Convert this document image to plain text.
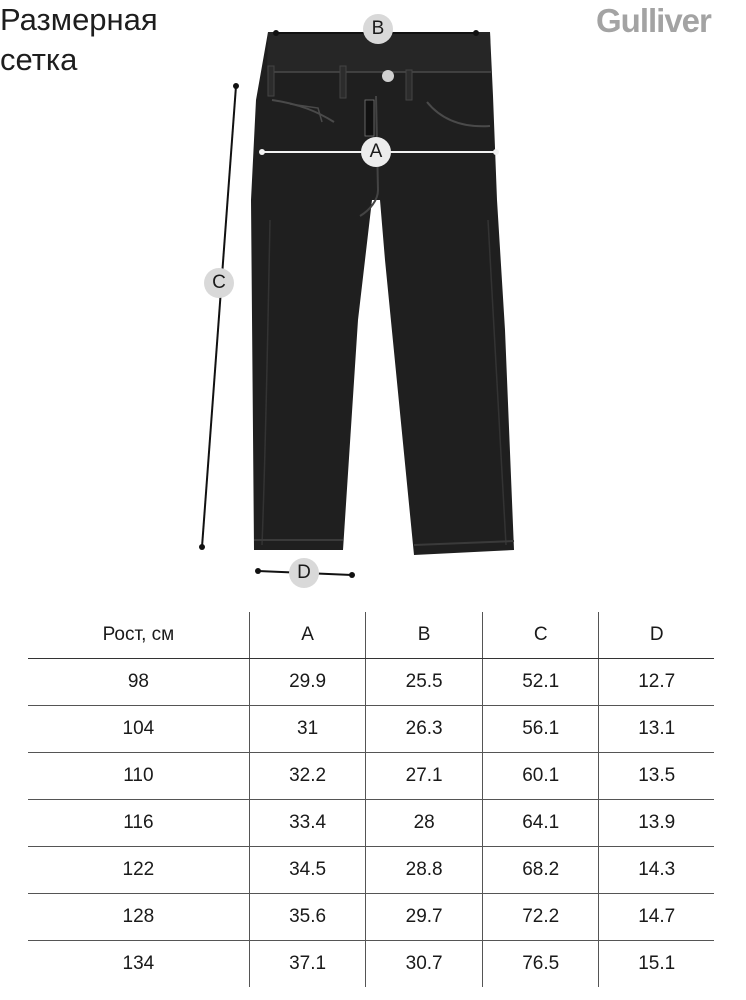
Размерная
сетка
Gulliver
B
A
C
D
Рост, см	A	B	C	D
98	29.9	25.5	52.1	12.7
104	31	26.3	56.1	13.1
110	32.2	27.1	60.1	13.5
116	33.4	28	64.1	13.9
122	34.5	28.8	68.2	14.3
128	35.6	29.7	72.2	14.7
134	37.1	30.7	76.5	15.1
